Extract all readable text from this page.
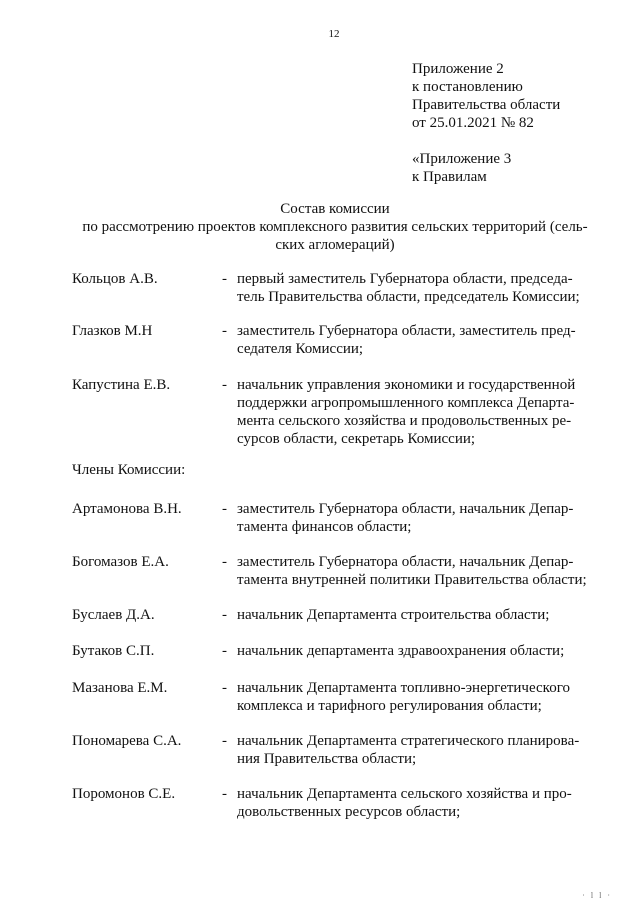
12
Приложение 2
к постановлению
Правительства области
от 25.01.2021 № 82
«Приложение 3
к Правилам
Состав комиссии
по рассмотрению проектов комплексного развития сельских территорий (сель-
ских агломераций)
Кольцов А.В.	- первый заместитель Губернатора области, председа-
тель Правительства области, председатель Комиссии;
Глазков М.Н	- заместитель Губернатора области, заместитель пред-
седателя Комиссии;
Капустина Е.В.	- начальник управления экономики и государственной
поддержки агропромышленного комплекса Департа-
мента сельского хозяйства и продовольственных ре-
сурсов области, секретарь Комиссии;
Члены Комиссии:
Артамонова В.Н.	- заместитель Губернатора области, начальник Депар-
тамента финансов области;
Богомазов Е.А.	- заместитель Губернатора области, начальник Депар-
тамента внутренней политики Правительства области;
Буслаев Д.А.	- начальник Департамента строительства области;
Бутаков С.П.	- начальник департамента здравоохранения области;
Мазанова Е.М.	- начальник Департамента топливно-энергетического
комплекса и тарифного регулирования области;
Пономарева С.А.	- начальник Департамента стратегического планирова-
ния Правительства области;
Поромонов С.Е.	- начальник Департамента сельского хозяйства и про-
довольственных ресурсов области;
· l l ·
